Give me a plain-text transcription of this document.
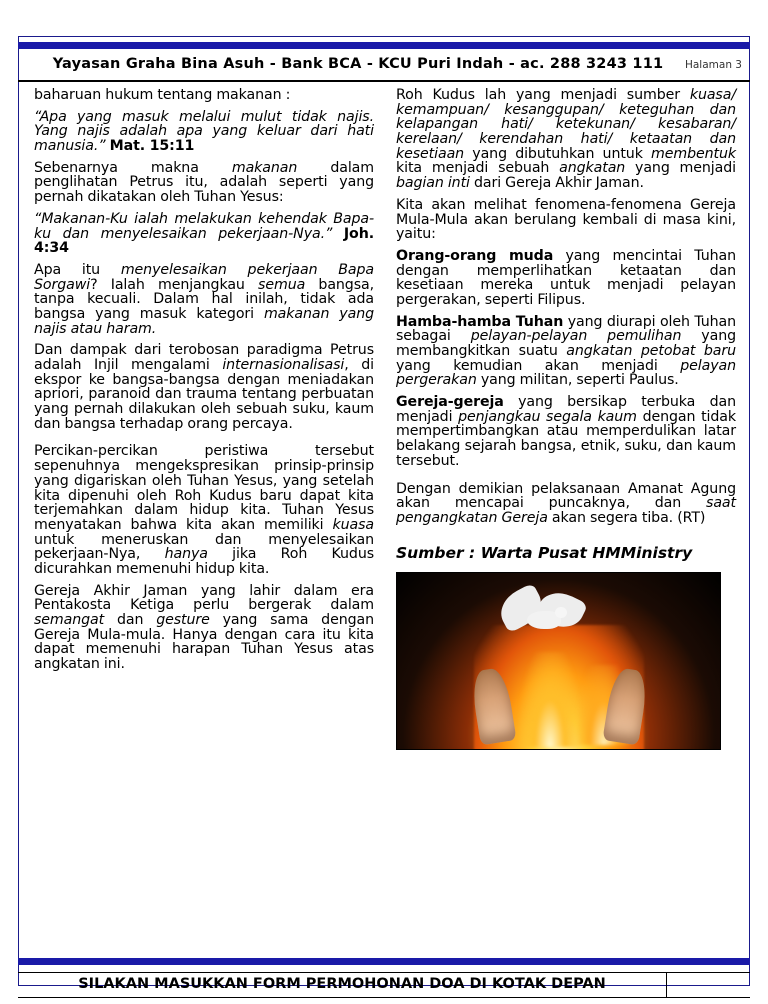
Yayasan Graha Bina Asuh - Bank BCA - KCU Puri Indah - ac. 288 3243 111	Halaman 3

baharuan hukum tentang makanan :

“Apa yang masuk melalui mulut tidak najis. Yang najis adalah apa yang keluar dari hati manusia.” Mat. 15:11

Sebenarnya makna makanan dalam penglihatan Petrus itu, adalah seperti yang pernah dikatakan oleh Tuhan Yesus:

“Makanan-Ku ialah melakukan kehendak Bapa-ku dan menyelesaikan pekerjaan-Nya.” Joh. 4:34

Apa itu menyelesaikan pekerjaan Bapa Sorgawi? Ialah menjangkau semua bangsa, tanpa kecuali. Dalam hal inilah, tidak ada bangsa yang masuk kategori makanan yang najis atau haram.

Dan dampak dari terobosan paradigma Petrus adalah Injil mengalami internasionalisasi, di ekspor ke bangsa-bangsa dengan meniadakan apriori, paranoid dan trauma tentang perbuatan yang pernah dilakukan oleh sebuah suku, kaum dan bangsa terhadap orang percaya.

Percikan-percikan peristiwa tersebut sepenuhnya mengekspresikan prinsip-prinsip yang digariskan oleh Tuhan Yesus, yang setelah kita dipenuhi oleh Roh Kudus baru dapat kita terjemahkan dalam hidup kita. Tuhan Yesus menyatakan bahwa kita akan memiliki kuasa untuk meneruskan dan menyelesaikan pekerjaan-Nya, hanya jika Roh Kudus dicurahkan memenuhi hidup kita.

Gereja Akhir Jaman yang lahir dalam era Pentakosta Ketiga perlu bergerak dalam semangat dan gesture yang sama dengan Gereja Mula-mula. Hanya dengan cara itu kita dapat memenuhi harapan Tuhan Yesus atas angkatan ini.

Roh Kudus lah yang menjadi sumber kuasa/ kemampuan/ kesanggupan/ keteguhan dan kelapangan hati/ ketekunan/ kesabaran/ kerelaan/ kerendahan hati/ ketaatan dan kesetiaan yang dibutuhkan untuk membentuk kita menjadi sebuah angkatan yang menjadi bagian inti dari Gereja Akhir Jaman.

Kita akan melihat fenomena-fenomena Gereja Mula-Mula akan berulang kembali di masa kini, yaitu:

Orang-orang muda yang mencintai Tuhan dengan memperlihatkan ketaatan dan kesetiaan mereka untuk menjadi pelayan pergerakan, seperti Filipus.

Hamba-hamba Tuhan yang diurapi oleh Tuhan sebagai pelayan-pelayan pemulihan yang membangkitkan suatu angkatan petobat baru yang kemudian akan menjadi pelayan pergerakan yang militan, seperti Paulus.

Gereja-gereja yang bersikap terbuka dan menjadi penjangkau segala kaum dengan tidak mempertimbangkan atau memperdulikan latar belakang sejarah bangsa, etnik, suku, dan kaum tersebut.

Dengan demikian pelaksanaan Amanat Agung akan mencapai puncaknya, dan saat pengangkatan Gereja akan segera tiba. (RT)

Sumber : Warta Pusat HMMinistry
SILAKAN MASUKKAN FORM PERMOHONAN DOA DI KOTAK DEPAN
